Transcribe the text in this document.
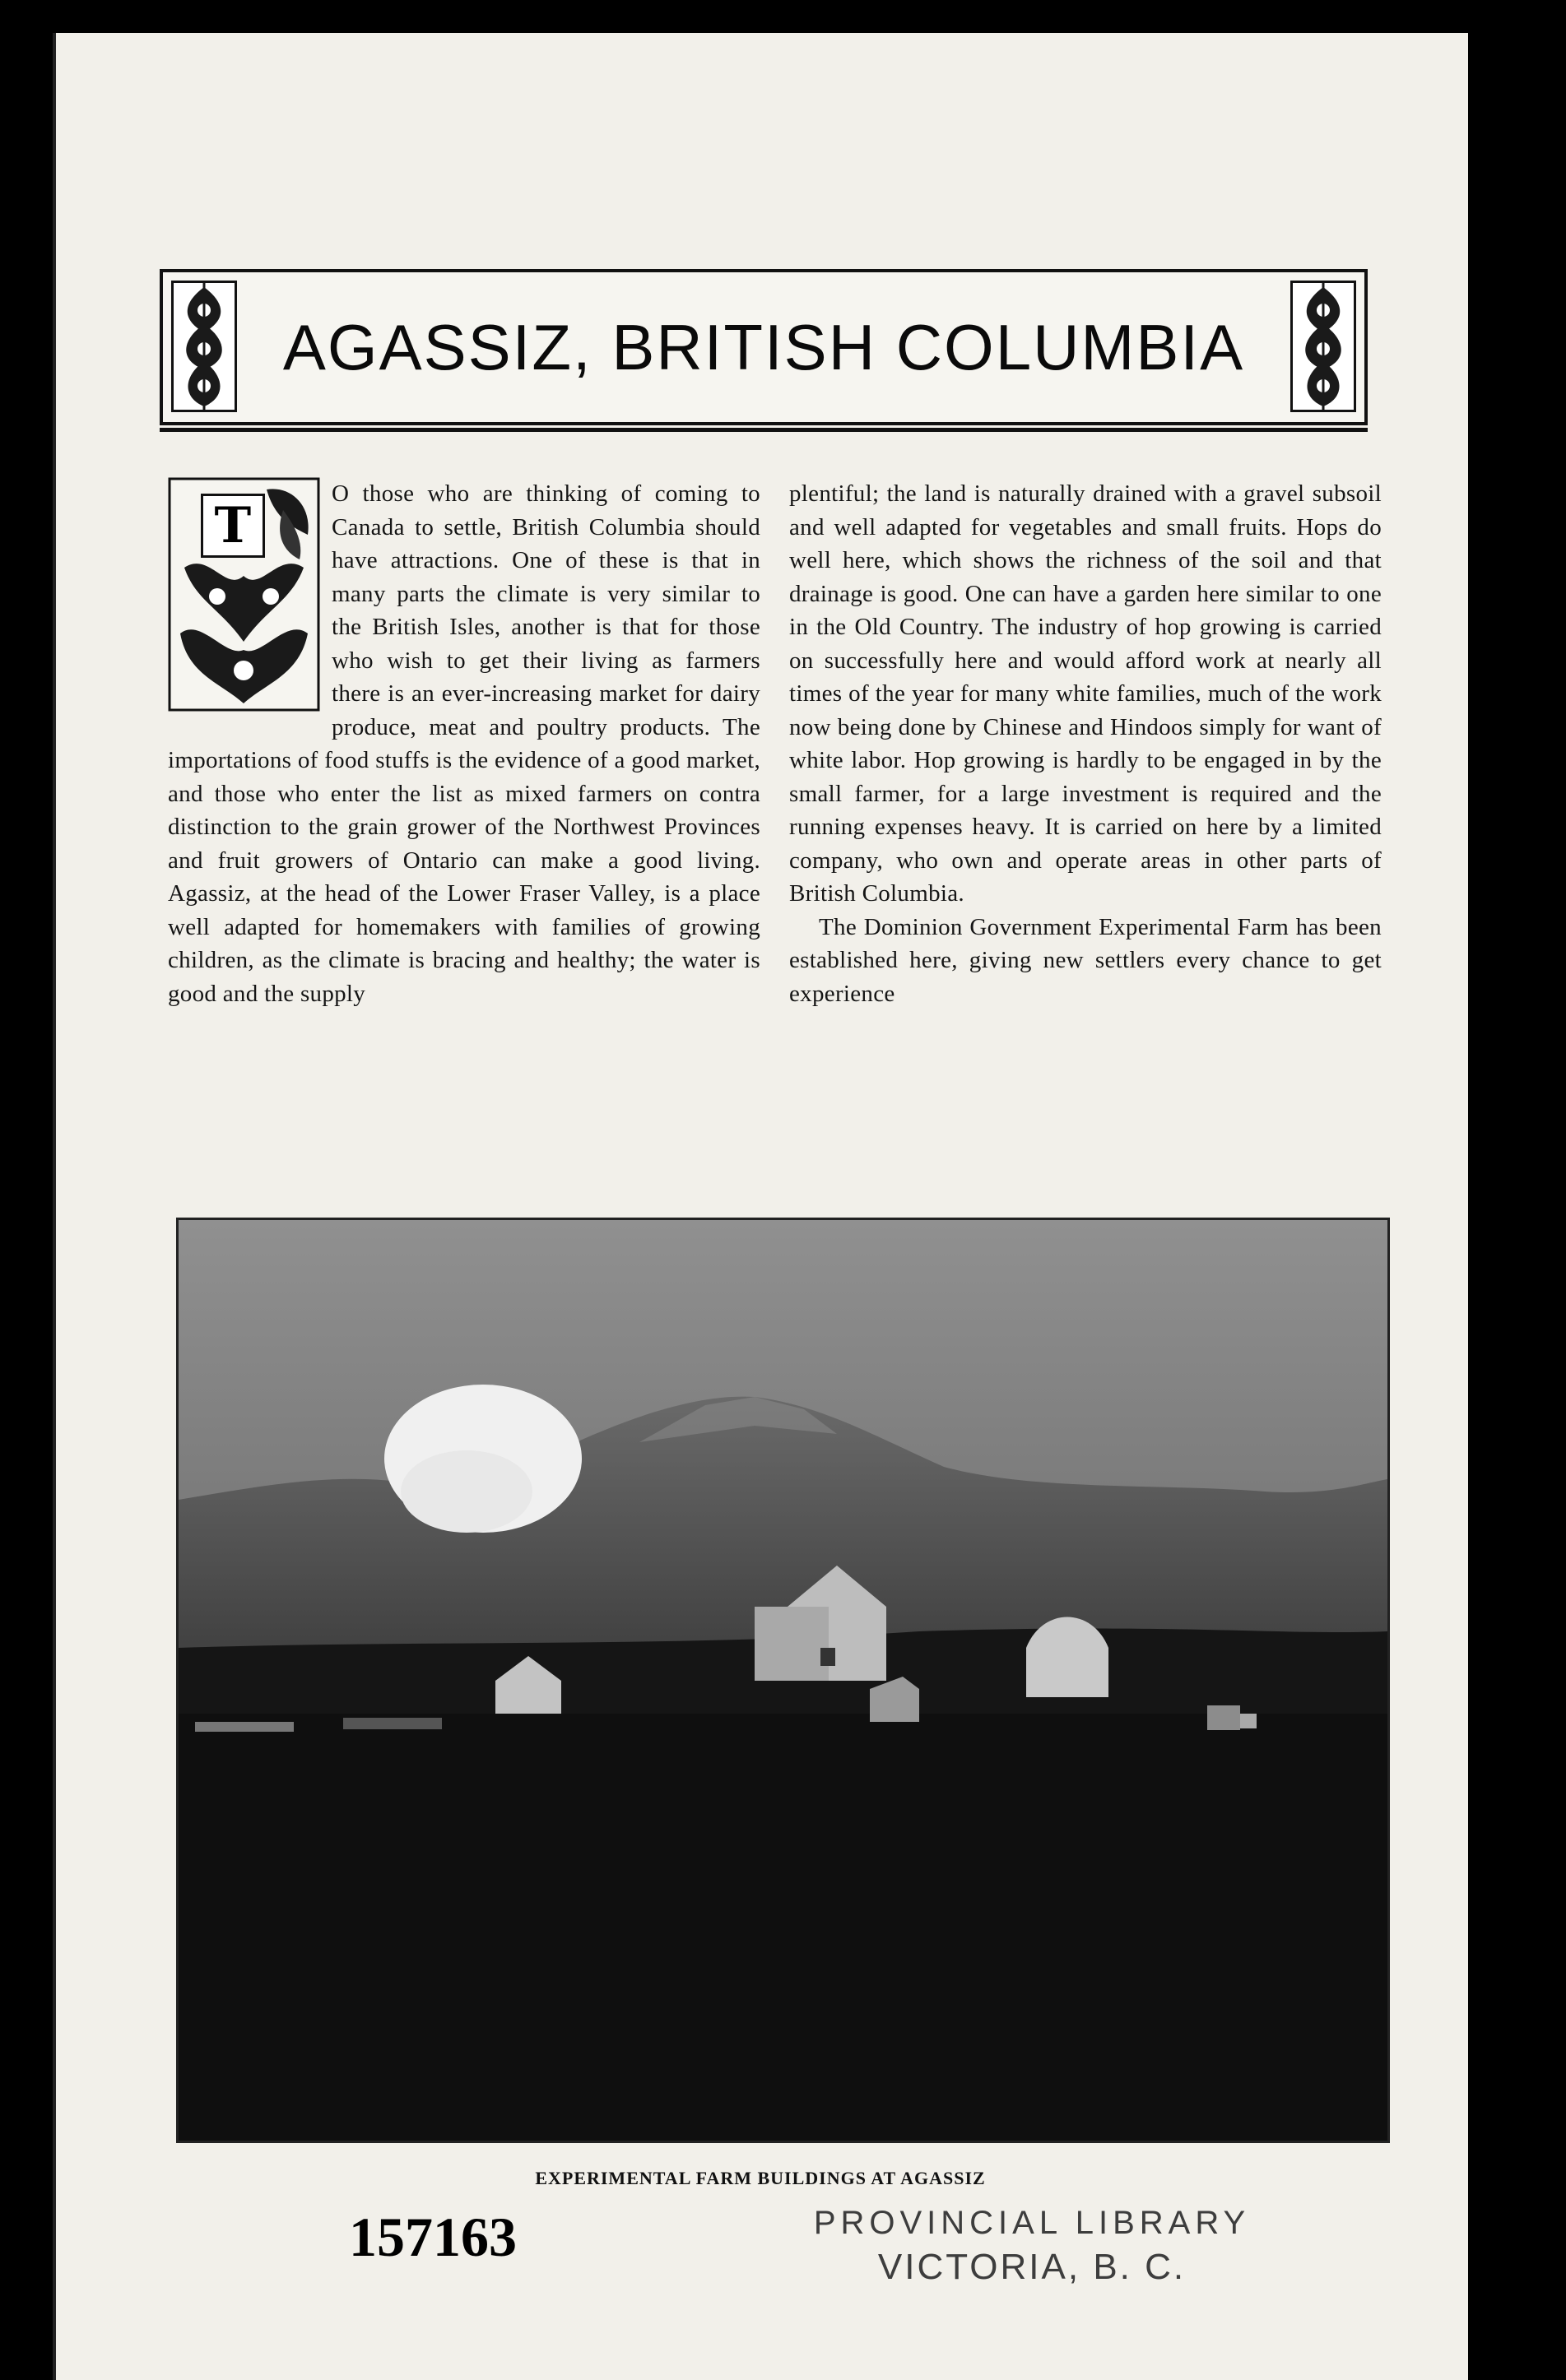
AGASSIZ, BRITISH COLUMBIA
T

O those who are thinking of coming to Canada to settle, British Columbia should have attractions. One of these is that in many parts the climate is very similar to the British Isles, another is that for those who wish to get their living as farmers there is an ever-increasing market for dairy produce, meat and poultry products. The importations of food stuffs is the evidence of a good market, and those who enter the list as mixed farmers on contra distinction to the grain grower of the Northwest Provinces and fruit growers of Ontario can make a good living. Agassiz, at the head of the Lower Fraser Valley, is a place well adapted for homemakers with families of growing children, as the climate is bracing and healthy; the water is good and the supply

plentiful; the land is naturally drained with a gravel subsoil and well adapted for vegetables and small fruits. Hops do well here, which shows the richness of the soil and that drainage is good. One can have a garden here similar to one in the Old Country. The industry of hop growing is carried on successfully here and would afford work at nearly all times of the year for many white families, much of the work now being done by Chinese and Hindoos simply for want of white labor. Hop growing is hardly to be engaged in by the small farmer, for a large investment is required and the running expenses heavy. It is carried on here by a limited company, who own and operate areas in other parts of British Columbia.

The Dominion Government Experimental Farm has been established here, giving new settlers every chance to get experience

EXPERIMENTAL FARM BUILDINGS AT AGASSIZ
157163	PROVINCIAL LIBRARY
VICTORIA, B. C.
